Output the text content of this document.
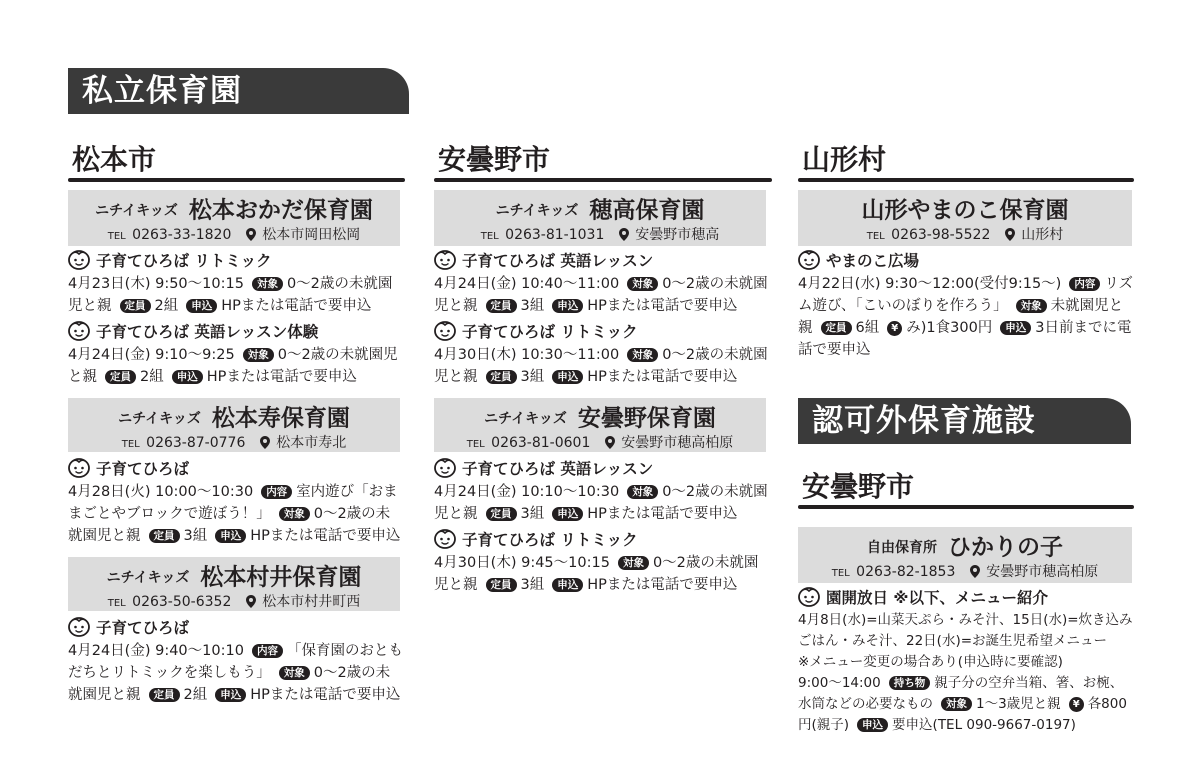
私立保育園
松本市
ニチイキッズ 松本おかだ保育園
TEL 0263-33-1820 松本市岡田松岡
子育てひろば リトミック
4月23日(木) 9:50〜10:15 対象 0〜2歳の未就園児と親 定員 2組 申込 HPまたは電話で要申込
子育てひろば 英語レッスン体験
4月24日(金) 9:10〜9:25 対象 0〜2歳の未就園児と親 定員 2組 申込 HPまたは電話で要申込
ニチイキッズ 松本寿保育園
TEL 0263-87-0776 松本市寿北
子育てひろば
4月28日(火) 10:00〜10:30 内容 室内遊び「おままごとやブロックで遊ぼう！」 対象 0〜2歳の未就園児と親 定員 3組 申込 HPまたは電話で要申込
ニチイキッズ 松本村井保育園
TEL 0263-50-6352 松本市村井町西
子育てひろば
4月24日(金) 9:40〜10:10 内容 「保育園のおともだちとリトミックを楽しもう」 対象 0〜2歳の未就園児と親 定員 2組 申込 HPまたは電話で要申込
安曇野市
ニチイキッズ 穂高保育園
TEL 0263-81-1031 安曇野市穂高
子育てひろば 英語レッスン
4月24日(金) 10:40〜11:00 対象 0〜2歳の未就園児と親 定員 3組 申込 HPまたは電話で要申込
子育てひろば リトミック
4月30日(木) 10:30〜11:00 対象 0〜2歳の未就園児と親 定員 3組 申込 HPまたは電話で要申込
ニチイキッズ 安曇野保育園
TEL 0263-81-0601 安曇野市穂高柏原
子育てひろば 英語レッスン
4月24日(金) 10:10〜10:30 対象 0〜2歳の未就園児と親 定員 3組 申込 HPまたは電話で要申込
子育てひろば リトミック
4月30日(木) 9:45〜10:15 対象 0〜2歳の未就園児と親 定員 3組 申込 HPまたは電話で要申込
山形村
山形やまのこ保育園
TEL 0263-98-5522 山形村
やまのこ広場
4月22日(水) 9:30〜12:00(受付9:15〜) 内容 リズム遊び、「こいのぼりを作ろう」 対象 未就園児と親 定員 6組 ¥ み)1食300円 申込 3日前までに電話で要申込
認可外保育施設
安曇野市
自由保育所 ひかりの子
TEL 0263-82-1853 安曇野市穂高柏原
園開放日 ※以下、メニュー紹介
4月8日(水)=山菜天ぷら・みそ汁、15日(水)=炊き込みごはん・みそ汁、22日(水)=お誕生児希望メニュー
※メニュー変更の場合あり(申込時に要確認)
9:00〜14:00 持ち物 親子分の空弁当箱、箸、お椀、水筒などの必要なもの 対象 1〜3歳児と親 ¥ 各800円(親子) 申込 要申込(TEL 090-9667-0197)
